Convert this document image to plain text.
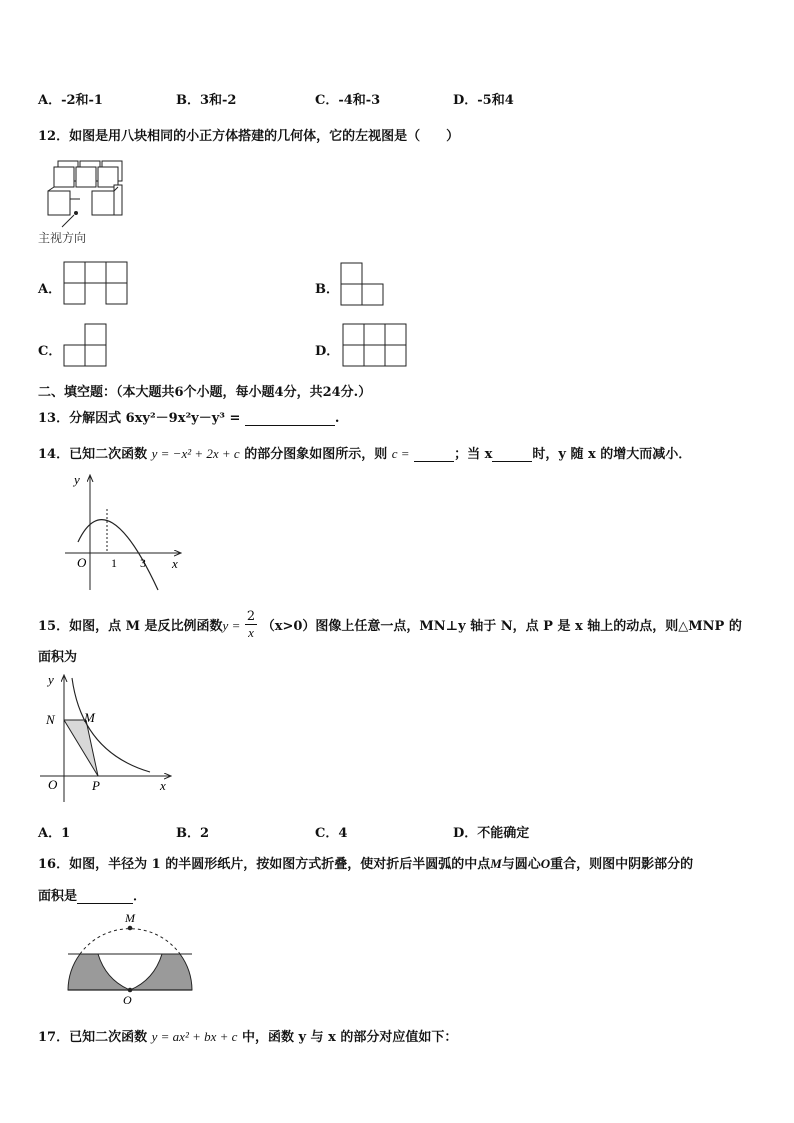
A．-2和-1	B．3和-2	C．-4和-3	D．-5和4
12．如图是用八块相同的小正方体搭建的几何体，它的左视图是（　　）
主视方向
A．	B．
C．	D．
二、填空题：（本大题共6个小题，每小题4分，共24分.）
13．分解因式 6xy²－9x²y－y³ =	.
14．已知二次函数 y = −x² + 2x + c 的部分图象如图所示，则 c =	；当 x	时，y 随 x 的增大而减小．
y
x
O 1 3
15．如图，点 M 是反比例函数$y = \frac{2}{x} (x>0)$图像上任意一点，MN⊥y 轴于 N，点 P 是 x 轴上的动点，则△MNP 的
面积为
y
x
O
N M
P
A．1	B．2	C．4	D．不能确定
16．如图，半径为 1 的半圆形纸片，按如图方式折叠，使对折后半圆弧的中点M与圆心O重合，则图中阴影部分的
面积是	．
M
O
17．已知二次函数 y = ax² + bx + c 中，函数 y 与 x 的部分对应值如下：
